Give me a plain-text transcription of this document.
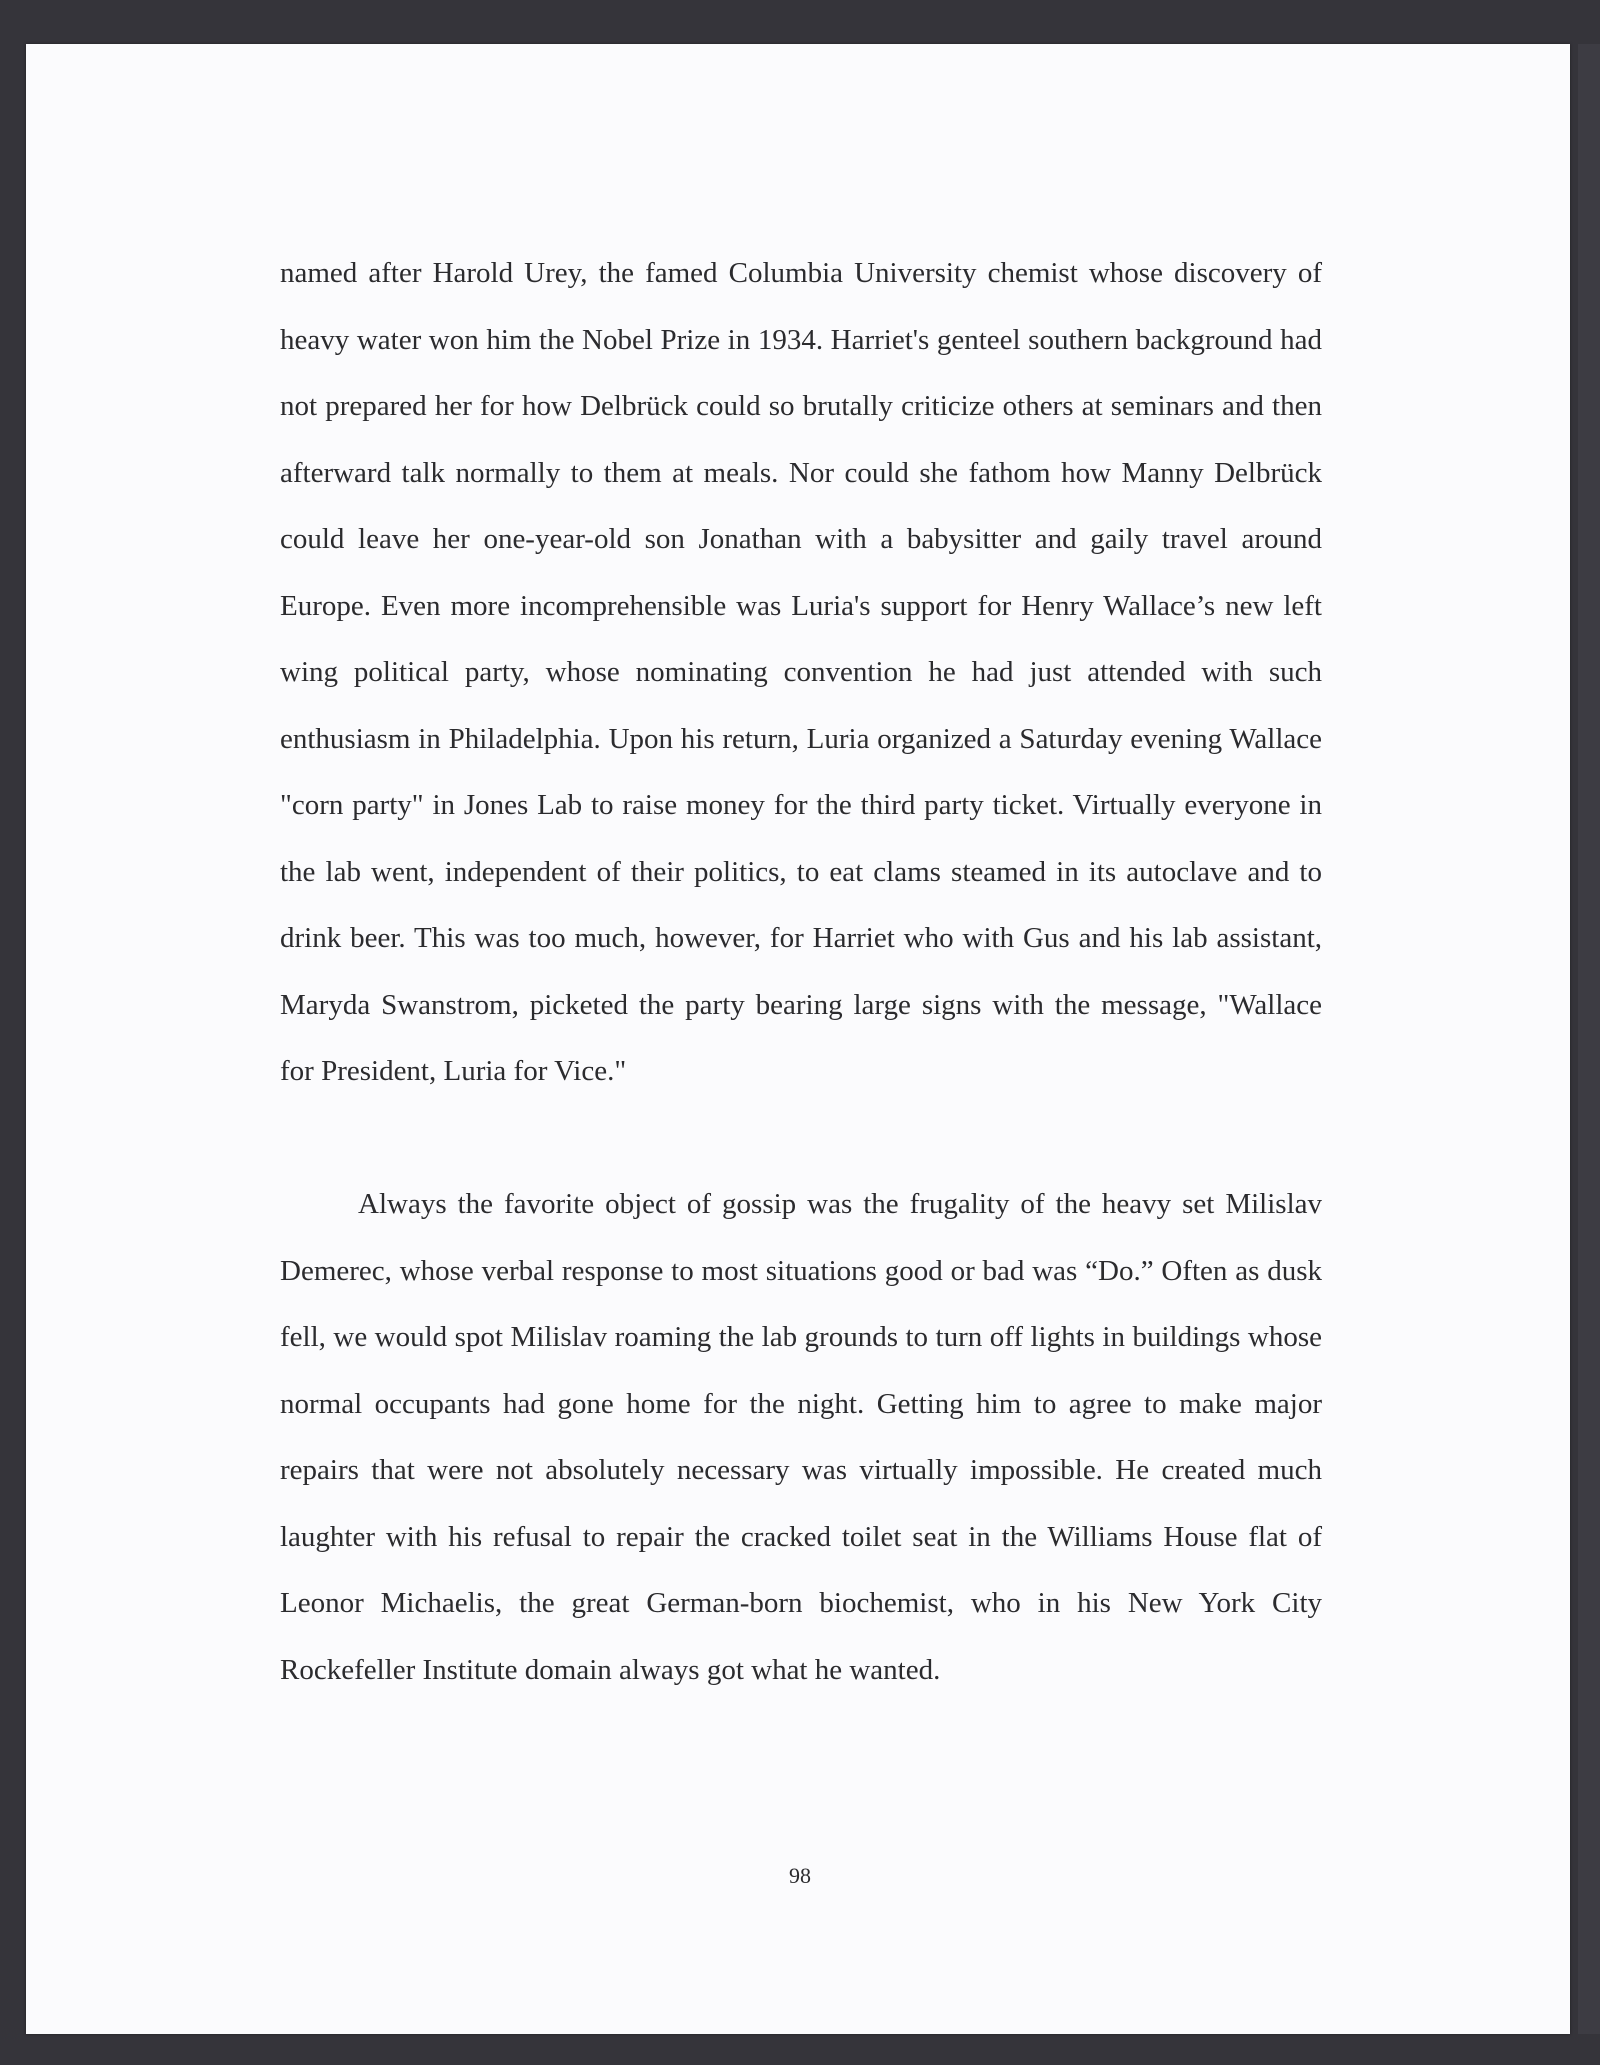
named after Harold Urey, the famed Columbia University chemist whose discovery of heavy water won him the Nobel Prize in 1934. Harriet's genteel southern background had not prepared her for how Delbrück could so brutally criticize others at seminars and then afterward talk normally to them at meals. Nor could she fathom how Manny Delbrück could leave her one-year-old son Jonathan with a babysitter and gaily travel around Europe. Even more incomprehensible was Luria's support for Henry Wallace’s new left wing political party, whose nominating convention he had just attended with such enthusiasm in Philadelphia. Upon his return, Luria organized a Saturday evening Wallace "corn party" in Jones Lab to raise money for the third party ticket. Virtually everyone in the lab went, independent of their politics, to eat clams steamed in its autoclave and to drink beer. This was too much, however, for Harriet who with Gus and his lab assistant, Maryda Swanstrom, picketed the party bearing large signs with the message, "Wallace for President, Luria for Vice."

Always the favorite object of gossip was the frugality of the heavy set Milislav Demerec, whose verbal response to most situations good or bad was “Do.” Often as dusk fell, we would spot Milislav roaming the lab grounds to turn off lights in buildings whose normal occupants had gone home for the night. Getting him to agree to make major repairs that were not absolutely necessary was virtually impossible. He created much laughter with his refusal to repair the cracked toilet seat in the Williams House flat of Leonor Michaelis, the great German-born biochemist, who in his New York City Rockefeller Institute domain always got what he wanted.

98
